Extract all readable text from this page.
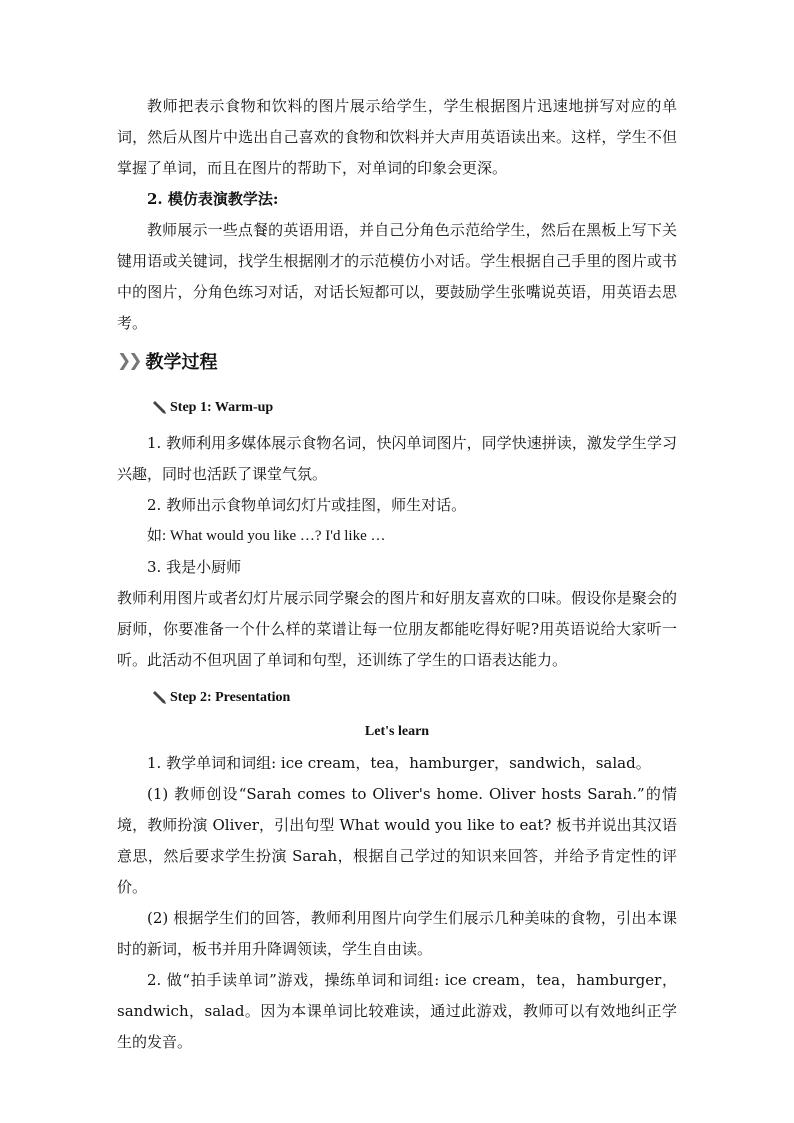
教师把表示食物和饮料的图片展示给学生，学生根据图片迅速地拼写对应的单词，然后从图片中选出自己喜欢的食物和饮料并大声用英语读出来。这样，学生不但掌握了单词，而且在图片的帮助下，对单词的印象会更深。

2. 模仿表演教学法:

教师展示一些点餐的英语用语，并自己分角色示范给学生，然后在黑板上写下关键用语或关键词，找学生根据刚才的示范模仿小对话。学生根据自己手里的图片或书中的图片，分角色练习对话，对话长短都可以，要鼓励学生张嘴说英语，用英语去思考。

❯❯ 教学过程
Step 1: Warm-up

1. 教师利用多媒体展示食物名词，快闪单词图片，同学快速拼读，激发学生学习兴趣，同时也活跃了课堂气氛。

2. 教师出示食物单词幻灯片或挂图，师生对话。

如: What would you like …? I'd like …

3. 我是小厨师

教师利用图片或者幻灯片展示同学聚会的图片和好朋友喜欢的口味。假设你是聚会的厨师，你要准备一个什么样的菜谱让每一位朋友都能吃得好呢?用英语说给大家听一听。此活动不但巩固了单词和句型，还训练了学生的口语表达能力。

Step 2: Presentation
Let's learn

1. 教学单词和词组: ice cream，tea，hamburger，sandwich，salad。

(1) 教师创设“Sarah comes to Oliver's home. Oliver hosts Sarah.”的情境，教师扮演 Oliver，引出句型 What would you like to eat? 板书并说出其汉语意思，然后要求学生扮演 Sarah，根据自己学过的知识来回答，并给予肯定性的评价。

(2) 根据学生们的回答，教师利用图片向学生们展示几种美味的食物，引出本课时的新词，板书并用升降调领读，学生自由读。

2. 做“拍手读单词”游戏，操练单词和词组: ice cream，tea，hamburger，sandwich，salad。因为本课单词比较难读，通过此游戏，教师可以有效地纠正学生的发音。
